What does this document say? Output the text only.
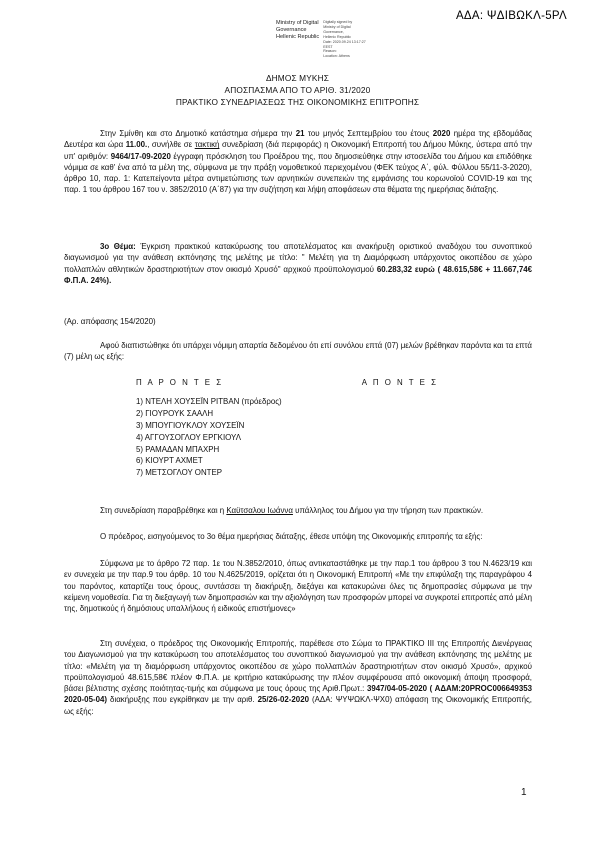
ΑΔΑ: ΨΔΙΒΩΚΛ-5ΡΛ
Ministry of Digital
Governance
Hellenic Republic
Digitally signed by
Ministry of Digital
Governance,
Hellenic Republic
Date: 2020.09.24 13:17:27
EEST
Reason:
Location: Athens
ΔΗΜΟΣ ΜΥΚΗΣ
ΑΠΟΣΠΑΣΜΑ ΑΠΟ ΤΟ ΑΡΙΘ. 31/2020
ΠΡΑΚΤΙΚΟ ΣΥΝΕΔΡΙΑΣΕΩΣ ΤΗΣ ΟΙΚΟΝΟΜΙΚΗΣ ΕΠΙΤΡΟΠΗΣ

Στην Σμίνθη και στο Δημοτικό κατάστημα σήμερα την 21 του μηνός Σεπτεμβρίου του έτους 2020 ημέρα της εβδομάδας Δευτέρα και ώρα 11.00., συνήλθε σε τακτική συνεδρίαση (διά περιφοράς) η Οικονομική Επιτροπή του Δήμου Μύκης, ύστερα από την υπ' αριθμόν: 9464/17-09-2020 έγγραφη πρόσκληση του Προέδρου της, που δημοσιεύθηκε στην ιστοσελίδα του Δήμου και επιδόθηκε νόμιμα σε καθ' ένα από τα μέλη της, σύμφωνα με την πράξη νομοθετικού περιεχομένου (ΦΕΚ τεύχος Α΄, φύλ. Φύλλου 55/11-3-2020), άρθρο 10, παρ. 1: Κατεπείγοντα μέτρα αντιμετώπισης των αρνητικών συνεπειών της εμφάνισης του κορωνοϊού COVID-19 και της παρ. 1 του άρθρου 167 του ν. 3852/2010 (Α΄87) για την συζήτηση και λήψη αποφάσεων στα θέματα της ημερήσιας διάταξης.

3ο Θέμα: Έγκριση πρακτικού κατακύρωσης του αποτελέσματος και ανακήρυξη οριστικού αναδόχου του συνοπτικού διαγωνισμού για την ανάθεση εκπόνησης της μελέτης με τίτλο: " Μελέτη για τη Διαμόρφωση υπάρχοντος οικοπέδου σε χώρο πολλαπλών αθλητικών δραστηριοτήτων στον οικισμό Χρυσό" αρχικού προϋπολογισμού 60.283,32 ευρώ ( 48.615,58€ + 11.667,74€ Φ.Π.Α. 24%).

(Αρ. απόφασης 154/2020)

Αφού διαπιστώθηκε ότι υπάρχει νόμιμη απαρτία δεδομένου ότι επί συνόλου επτά (07) μελών βρέθηκαν παρόντα και τα επτά (7) μέλη ως εξής:

Π Α Ρ Ο Ν Τ Ε Σ	Α Π Ο Ν Τ Ε Σ
1) ΝΤΕΛΗ ΧΟΥΣΕΪΝ ΡΙΤΒΑΝ (πρόεδρος)
2) ΓΙΟΥΡΟΥΚ ΣΑΑΛΗ
3) ΜΠΟΥΓΙΟΥΚΛΟΥ ΧΟΥΣΕΪΝ
4) ΑΓΓΟΥΣΟΓΛΟΥ ΕΡΓΚΙΟΥΛ
5) ΡΑΜΑΔΑΝ ΜΠΑΧΡΗ
6) ΚΙΟΥΡΤ ΑΧΜΕΤ
7) ΜΕΤΣΟΓΛΟΥ ΟΝΤΕΡ

Στη συνεδρίαση παραβρέθηκε και η Καϋτσαλου Ιωάννα υπάλληλος του Δήμου για την τήρηση των πρακτικών.

Ο πρόεδρος, εισηγούμενος το 3ο θέμα ημερήσιας διάταξης, έθεσε υπόψη της Οικονομικής επιτροπής τα εξής:

Σύμφωνα με το άρθρο 72 παρ. 1ε του Ν.3852/2010, όπως αντικαταστάθηκε με την παρ.1 του άρθρου 3 του Ν.4623/19 και εν συνεχεία με την παρ.9 του άρθρ. 10 του Ν.4625/2019, ορίζεται ότι η Οικονομική Επιτροπή «Με την επιφύλαξη της παραγράφου 4 του παρόντος, καταρτίζει τους όρους, συντάσσει τη διακήρυξη, διεξάγει και κατακυρώνει όλες τις δημοπρασίες σύμφωνα με την κείμενη νομοθεσία. Για τη διεξαγωγή των δημοπρασιών και την αξιολόγηση των προσφορών μπορεί να συγκροτεί επιτροπές από μέλη της, δημοτικούς ή δημόσιους υπαλλήλους ή ειδικούς επιστήμονες»

Στη συνέχεια, ο πρόεδρος της Οικονομικής Επιτροπής, παρέθεσε στο Σώμα το ΠΡΑΚΤΙΚΟ ΙΙΙ της Επιτροπής Διενέργειας του Διαγωνισμού για την κατακύρωση του αποτελέσματος του συνοπτικού διαγωνισμού για την ανάθεση εκπόνησης της μελέτης με τίτλο: «Μελέτη για τη διαμόρφωση υπάρχοντος οικοπέδου σε χώρο πολλαπλών δραστηριοτήτων στον οικισμό Χρυσό», αρχικού προϋπολογισμού 48.615,58€ πλέον Φ.Π.Α. με κριτήριο κατακύρωσης την πλέον συμφέρουσα από οικονομική άποψη προσφορά, βάσει βέλτιστης σχέσης ποιότητας-τιμής και σύμφωνα με τους όρους της Αριθ.Πρωτ.: 3947/04-05-2020 ( ΑΔΑΜ:20PROC006649353 2020-05-04) διακήρυξης που εγκρίθηκαν με την αριθ. 25/26-02-2020 (ΑΔΑ: ΨΥΨΩΚΛ-ΨΧ0) απόφαση της Οικονομικής Επιτροπής, ως εξής:

1
